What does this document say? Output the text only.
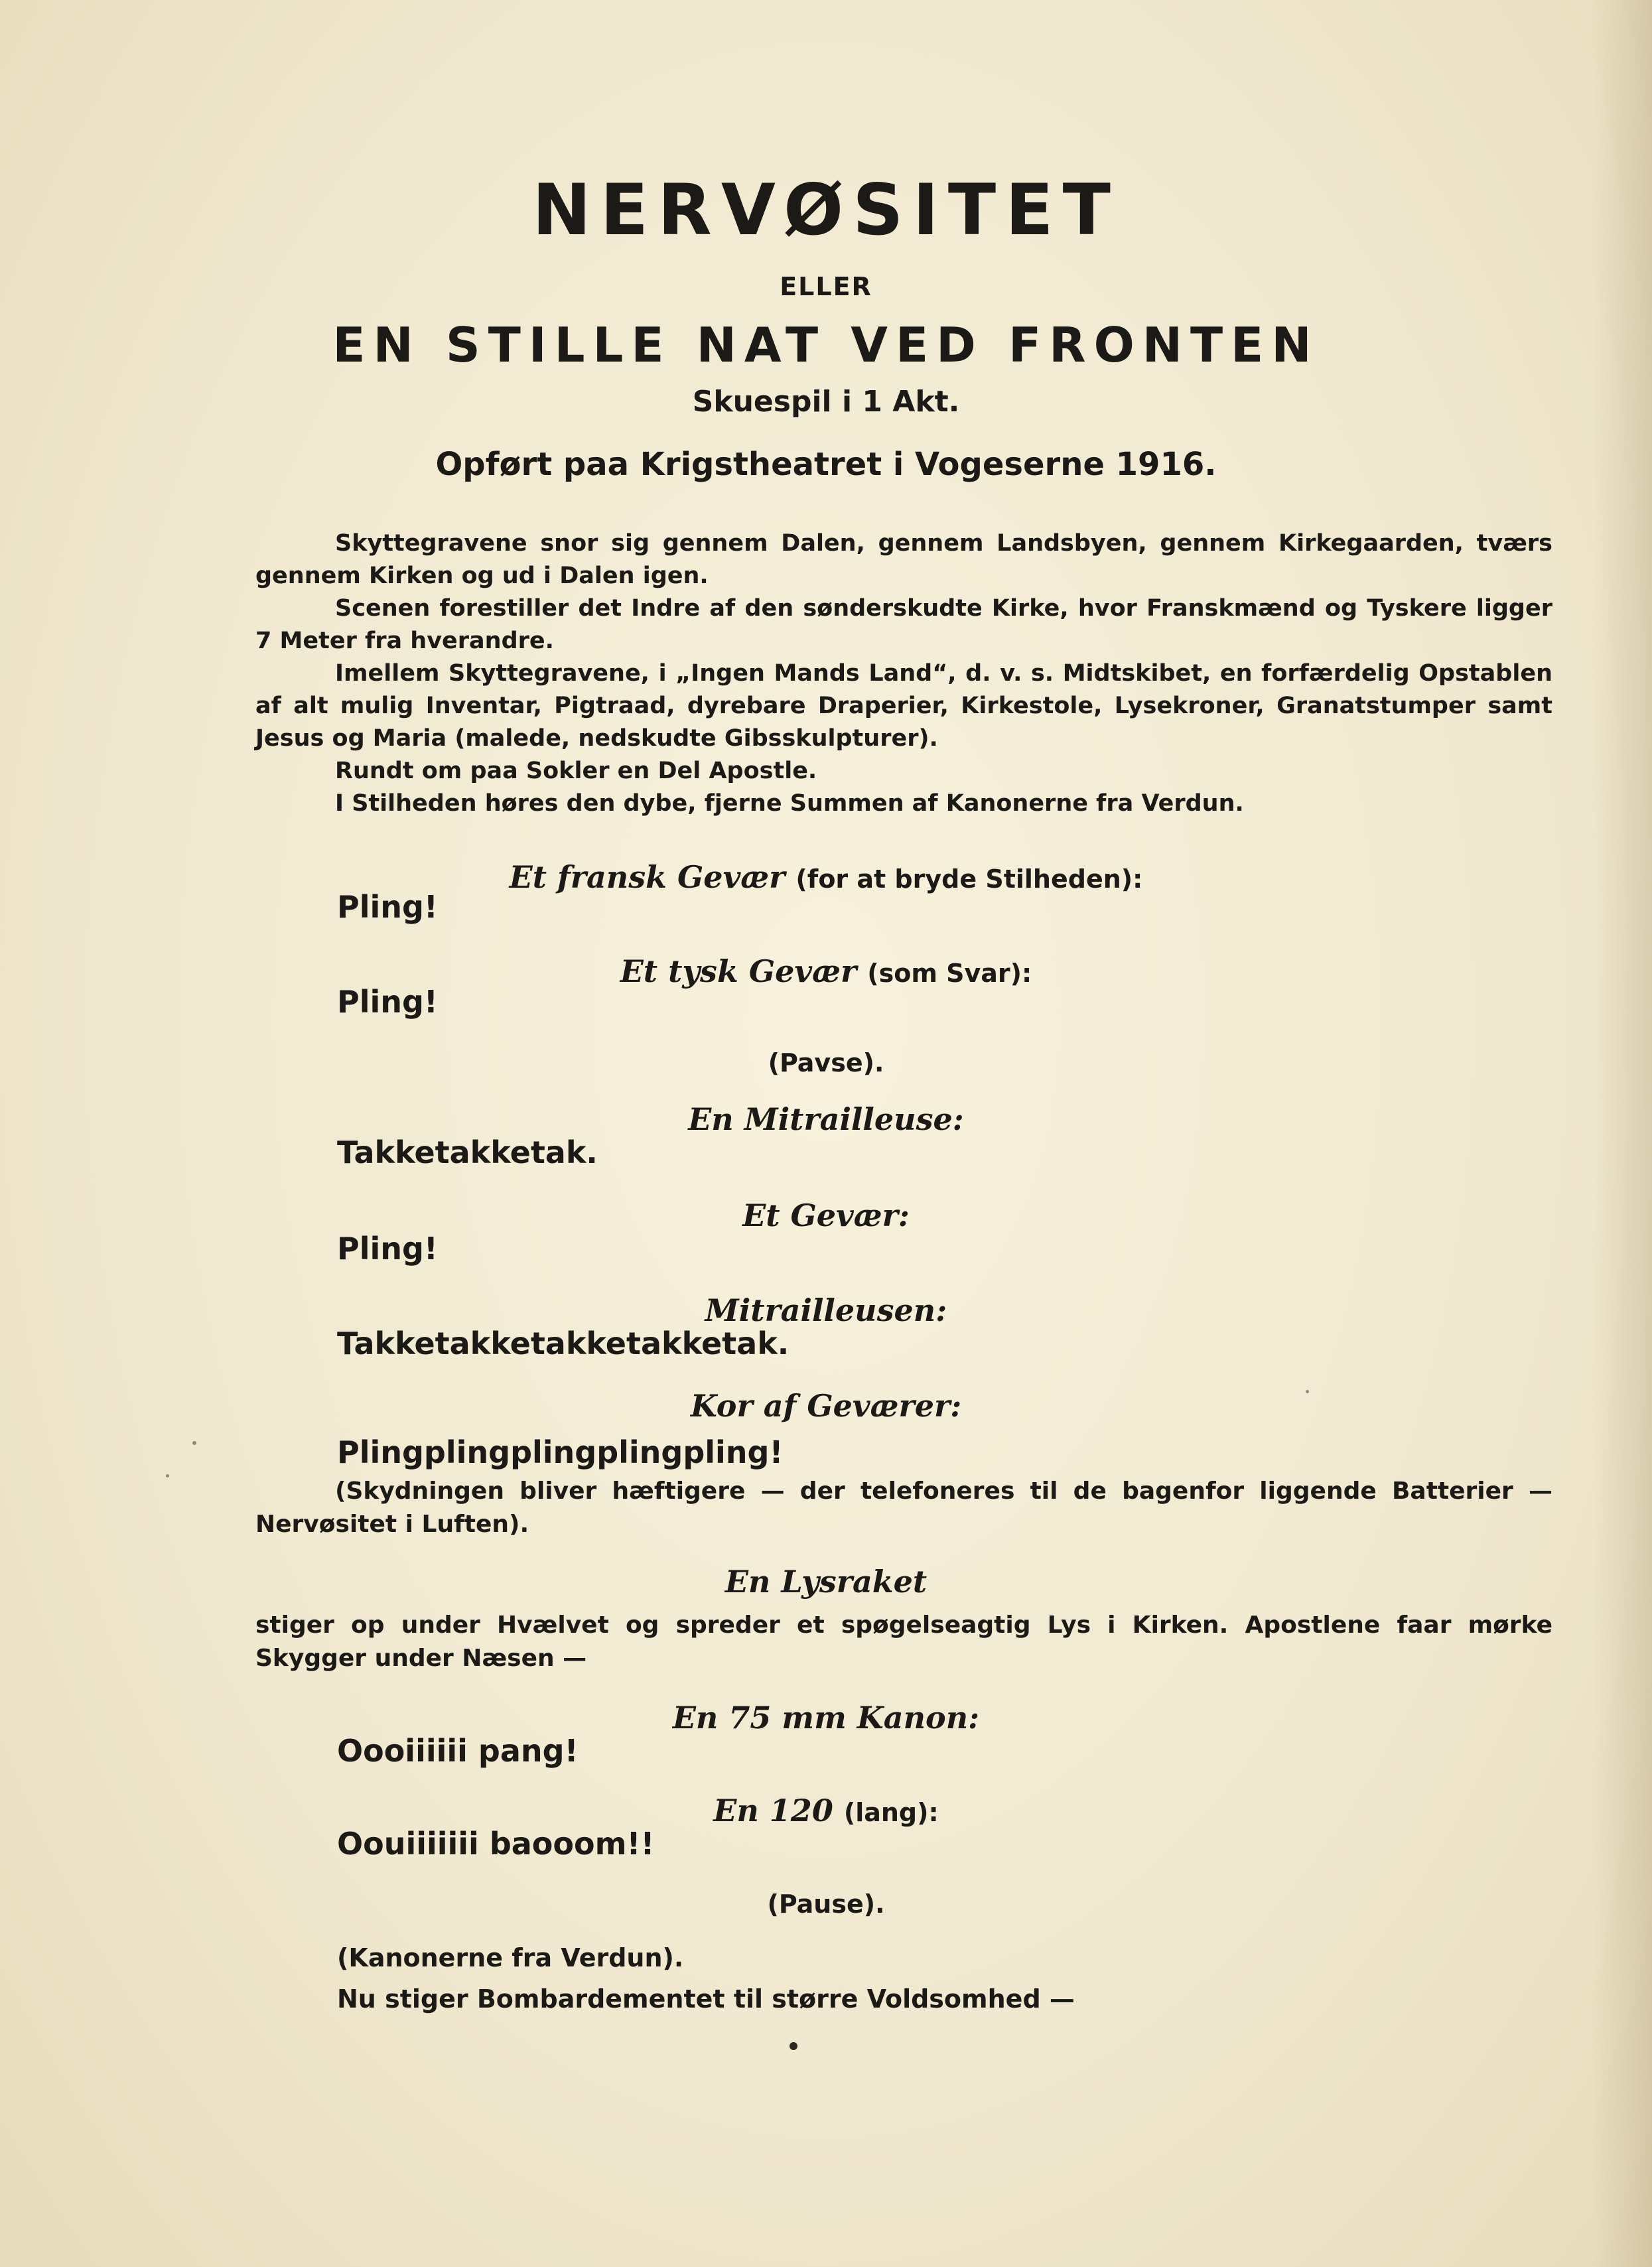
NERVØSITET
ELLER
EN STILLE NAT VED FRONTEN
Skuespil i 1 Akt.
Opført paa Krigstheatret i Vogeserne 1916.

Skyttegravene snor sig gennem Dalen, gennem Landsbyen, gennem Kirkegaarden, tværs gennem Kirken og ud i Dalen igen.

Scenen forestiller det Indre af den sønderskudte Kirke, hvor Franskmænd og Tyskere ligger 7 Meter fra hverandre.

Imellem Skyttegravene, i „Ingen Mands Land“, d. v. s. Midtskibet, en forfærdelig Opstablen af alt mulig Inventar, Pigtraad, dyrebare Draperier, Kirkestole, Lysekroner, Granatstumper samt Jesus og Maria (malede, nedskudte Gibsskulpturer).

Rundt om paa Sokler en Del Apostle.

I Stilheden høres den dybe, fjerne Summen af Kanonerne fra Verdun.

Et fransk Gevær (for at bryde Stilheden):
Pling!
Et tysk Gevær (som Svar):
Pling!
(Pavse).
En Mitrailleuse:
Takketakketak.
Et Gevær:
Pling!
Mitrailleusen:
Takketakketakketakketak.
Kor af Geværer:
Plingplingplingplingpling!
(Skydningen bliver hæftigere — der telefoneres til de bagenfor liggende Batterier — Nervøsitet i Luften).
En Lysraket
stiger op under Hvælvet og spreder et spøgelseagtig Lys i Kirken. Apostlene faar mørke Skygger under Næsen —
En 75 mm Kanon:
Oooiiiiii pang!
En 120 (lang):
Oouiiiiiii baooom!!
(Pause).
(Kanonerne fra Verdun).
Nu stiger Bombardementet til større Voldsomhed —
